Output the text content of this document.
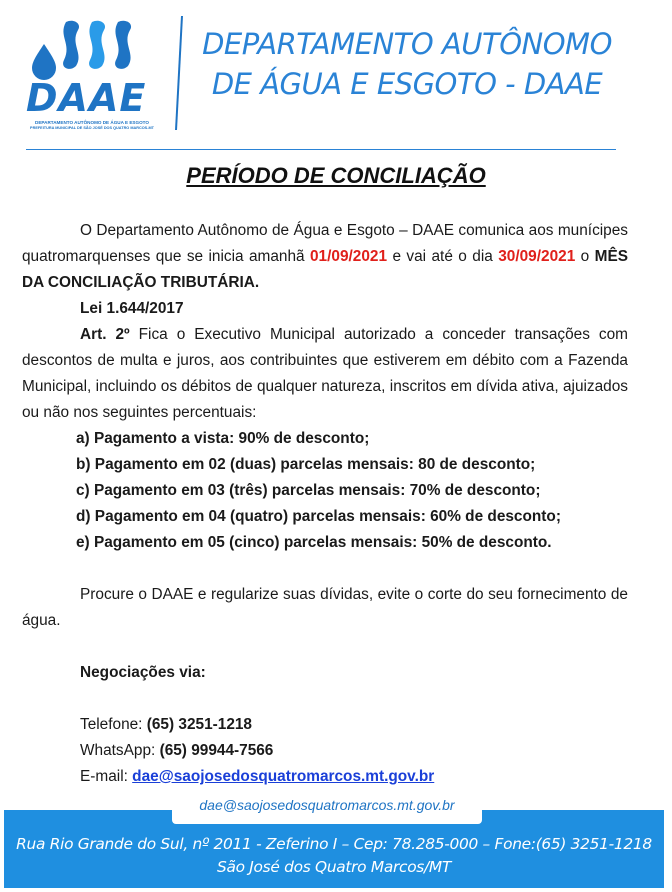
DAAE
DEPARTAMENTO AUTÔNOMO DE ÁGUA E ESGOTO
PREFEITURA MUNICIPAL DE SÃO JOSÉ DOS QUATRO MARCOS-MT
DEPARTAMENTO AUTÔNOMO
DE ÁGUA E ESGOTO - DAAE
PERÍODO DE CONCILIAÇÃO

O Departamento Autônomo de Água e Esgoto – DAAE comunica aos munícipes quatromarquenses que se inicia amanhã 01/09/2021 e vai até o dia 30/09/2021 o MÊS DA CONCILIAÇÃO TRIBUTÁRIA.

Lei 1.644/2017

Art. 2º Fica o Executivo Municipal autorizado a conceder transações com descontos de multa e juros, aos contribuintes que estiverem em débito com a Fazenda Municipal, incluindo os débitos de qualquer natureza, inscritos em dívida ativa, ajuizados ou não nos seguintes percentuais:

a) Pagamento a vista: 90% de desconto;

b) Pagamento em 02 (duas) parcelas mensais: 80 de desconto;

c) Pagamento em 03 (três) parcelas mensais: 70% de desconto;

d) Pagamento em 04 (quatro) parcelas mensais: 60% de desconto;

e) Pagamento em 05 (cinco) parcelas mensais: 50% de desconto.

Procure o DAAE e regularize suas dívidas, evite o corte do seu fornecimento de água.

Negociações via:

Telefone: (65) 3251-1218

WhatsApp: (65) 99944-7566

E-mail: dae@saojosedosquatromarcos.mt.gov.br

dae@saojosedosquatromarcos.mt.gov.br
Rua Rio Grande do Sul, nº 2011 - Zeferino I – Cep: 78.285-000 – Fone:(65) 3251-1218
São José dos Quatro Marcos/MT
